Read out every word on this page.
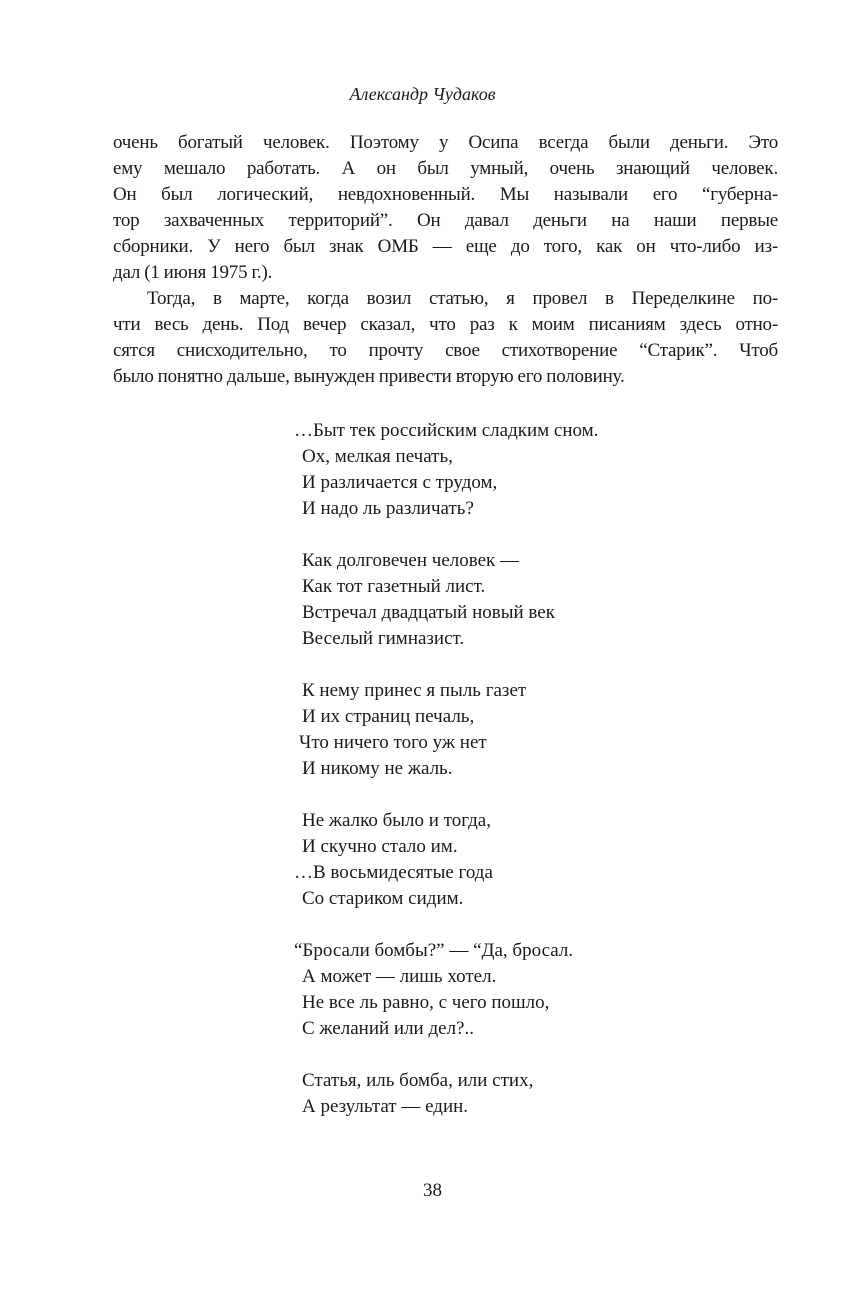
Александр Чудаков
очень богатый человек. Поэтому у Осипа всегда были деньги. Это
ему мешало работать. А он был умный, очень знающий человек.
Он был логический, невдохновенный. Мы называли его “губерна-
тор захваченных территорий”. Он давал деньги на наши первые
сборники. У него был знак ОМБ — еще до того, как он что-либо из-
дал (1 июня 1975 г.).
Тогда, в марте, когда возил статью, я провел в Переделкине по-
чти весь день. Под вечер сказал, что раз к моим писаниям здесь отно-
сятся снисходительно, то прочту свое стихотворение “Старик”. Чтоб
было понятно дальше, вынужден привести вторую его половину.
…Быт тек российским сладким сном.
Ох, мелкая печать,
И различается с трудом,
И надо ль различать?
Как долговечен человек —
Как тот газетный лист.
Встречал двадцатый новый век
Веселый гимназист.
К нему принес я пыль газет
И их страниц печаль,
Что ничего того уж нет
И никому не жаль.
Не жалко было и тогда,
И скучно стало им.
…В восьмидесятые года
Со стариком сидим.
“Бросали бомбы?” — “Да, бросал.
А может — лишь хотел.
Не все ль равно, с чего пошло,
С желаний или дел?..
Статья, иль бомба, или стих,
А результат — един.
38
